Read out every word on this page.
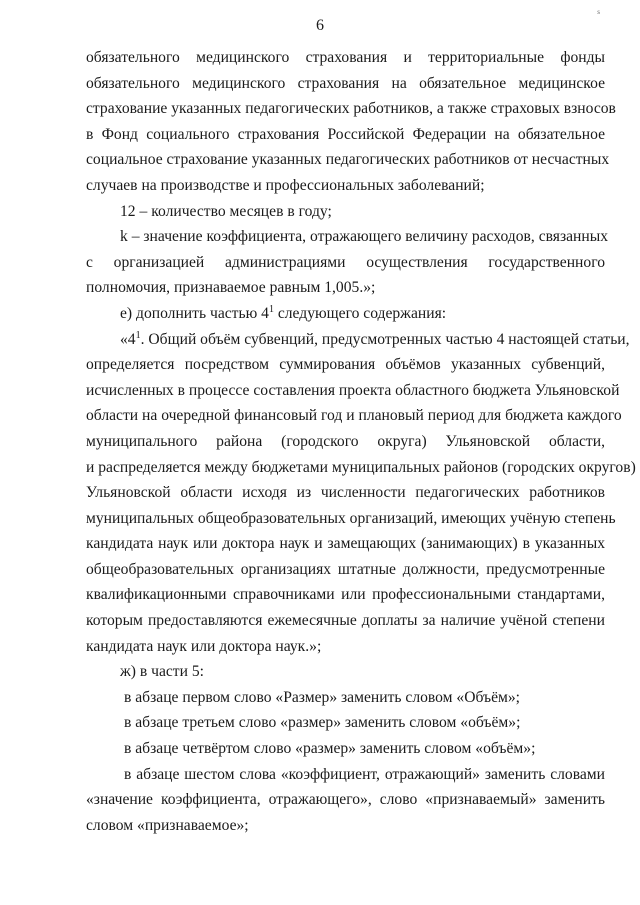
6
s
обязательного медицинского страхования и территориальные фонды
обязательного медицинского страхования на обязательное медицинское
страхование указанных педагогических работников, а также страховых взносов
в Фонд социального страхования Российской Федерации на обязательное
социальное страхование указанных педагогических работников от несчастных
случаев на производстве и профессиональных заболеваний;
12 – количество месяцев в году;
k – значение коэффициента, отражающего величину расходов, связанных
с организацией администрациями осуществления государственного
полномочия, признаваемое равным 1,005.»;
е) дополнить частью $4^1$ следующего содержания:
«$4^1$. Общий объём субвенций, предусмотренных частью 4 настоящей статьи,
определяется посредством суммирования объёмов указанных субвенций,
исчисленных в процессе составления проекта областного бюджета Ульяновской
области на очередной финансовый год и плановый период для бюджета каждого
муниципального района (городского округа) Ульяновской области,
и распределяется между бюджетами муниципальных районов (городских округов)
Ульяновской области исходя из численности педагогических работников
муниципальных общеобразовательных организаций, имеющих учёную степень
кандидата наук или доктора наук и замещающих (занимающих) в указанных
общеобразовательных организациях штатные должности, предусмотренные
квалификационными справочниками или профессиональными стандартами,
которым предоставляются ежемесячные доплаты за наличие учёной степени
кандидата наук или доктора наук.»;
ж) в части 5:
в абзаце первом слово «Размер» заменить словом «Объём»;
в абзаце третьем слово «размер» заменить словом «объём»;
в абзаце четвёртом слово «размер» заменить словом «объём»;
в абзаце шестом слова «коэффициент, отражающий» заменить словами
«значение коэффициента, отражающего», слово «признаваемый» заменить
словом «признаваемое»;
